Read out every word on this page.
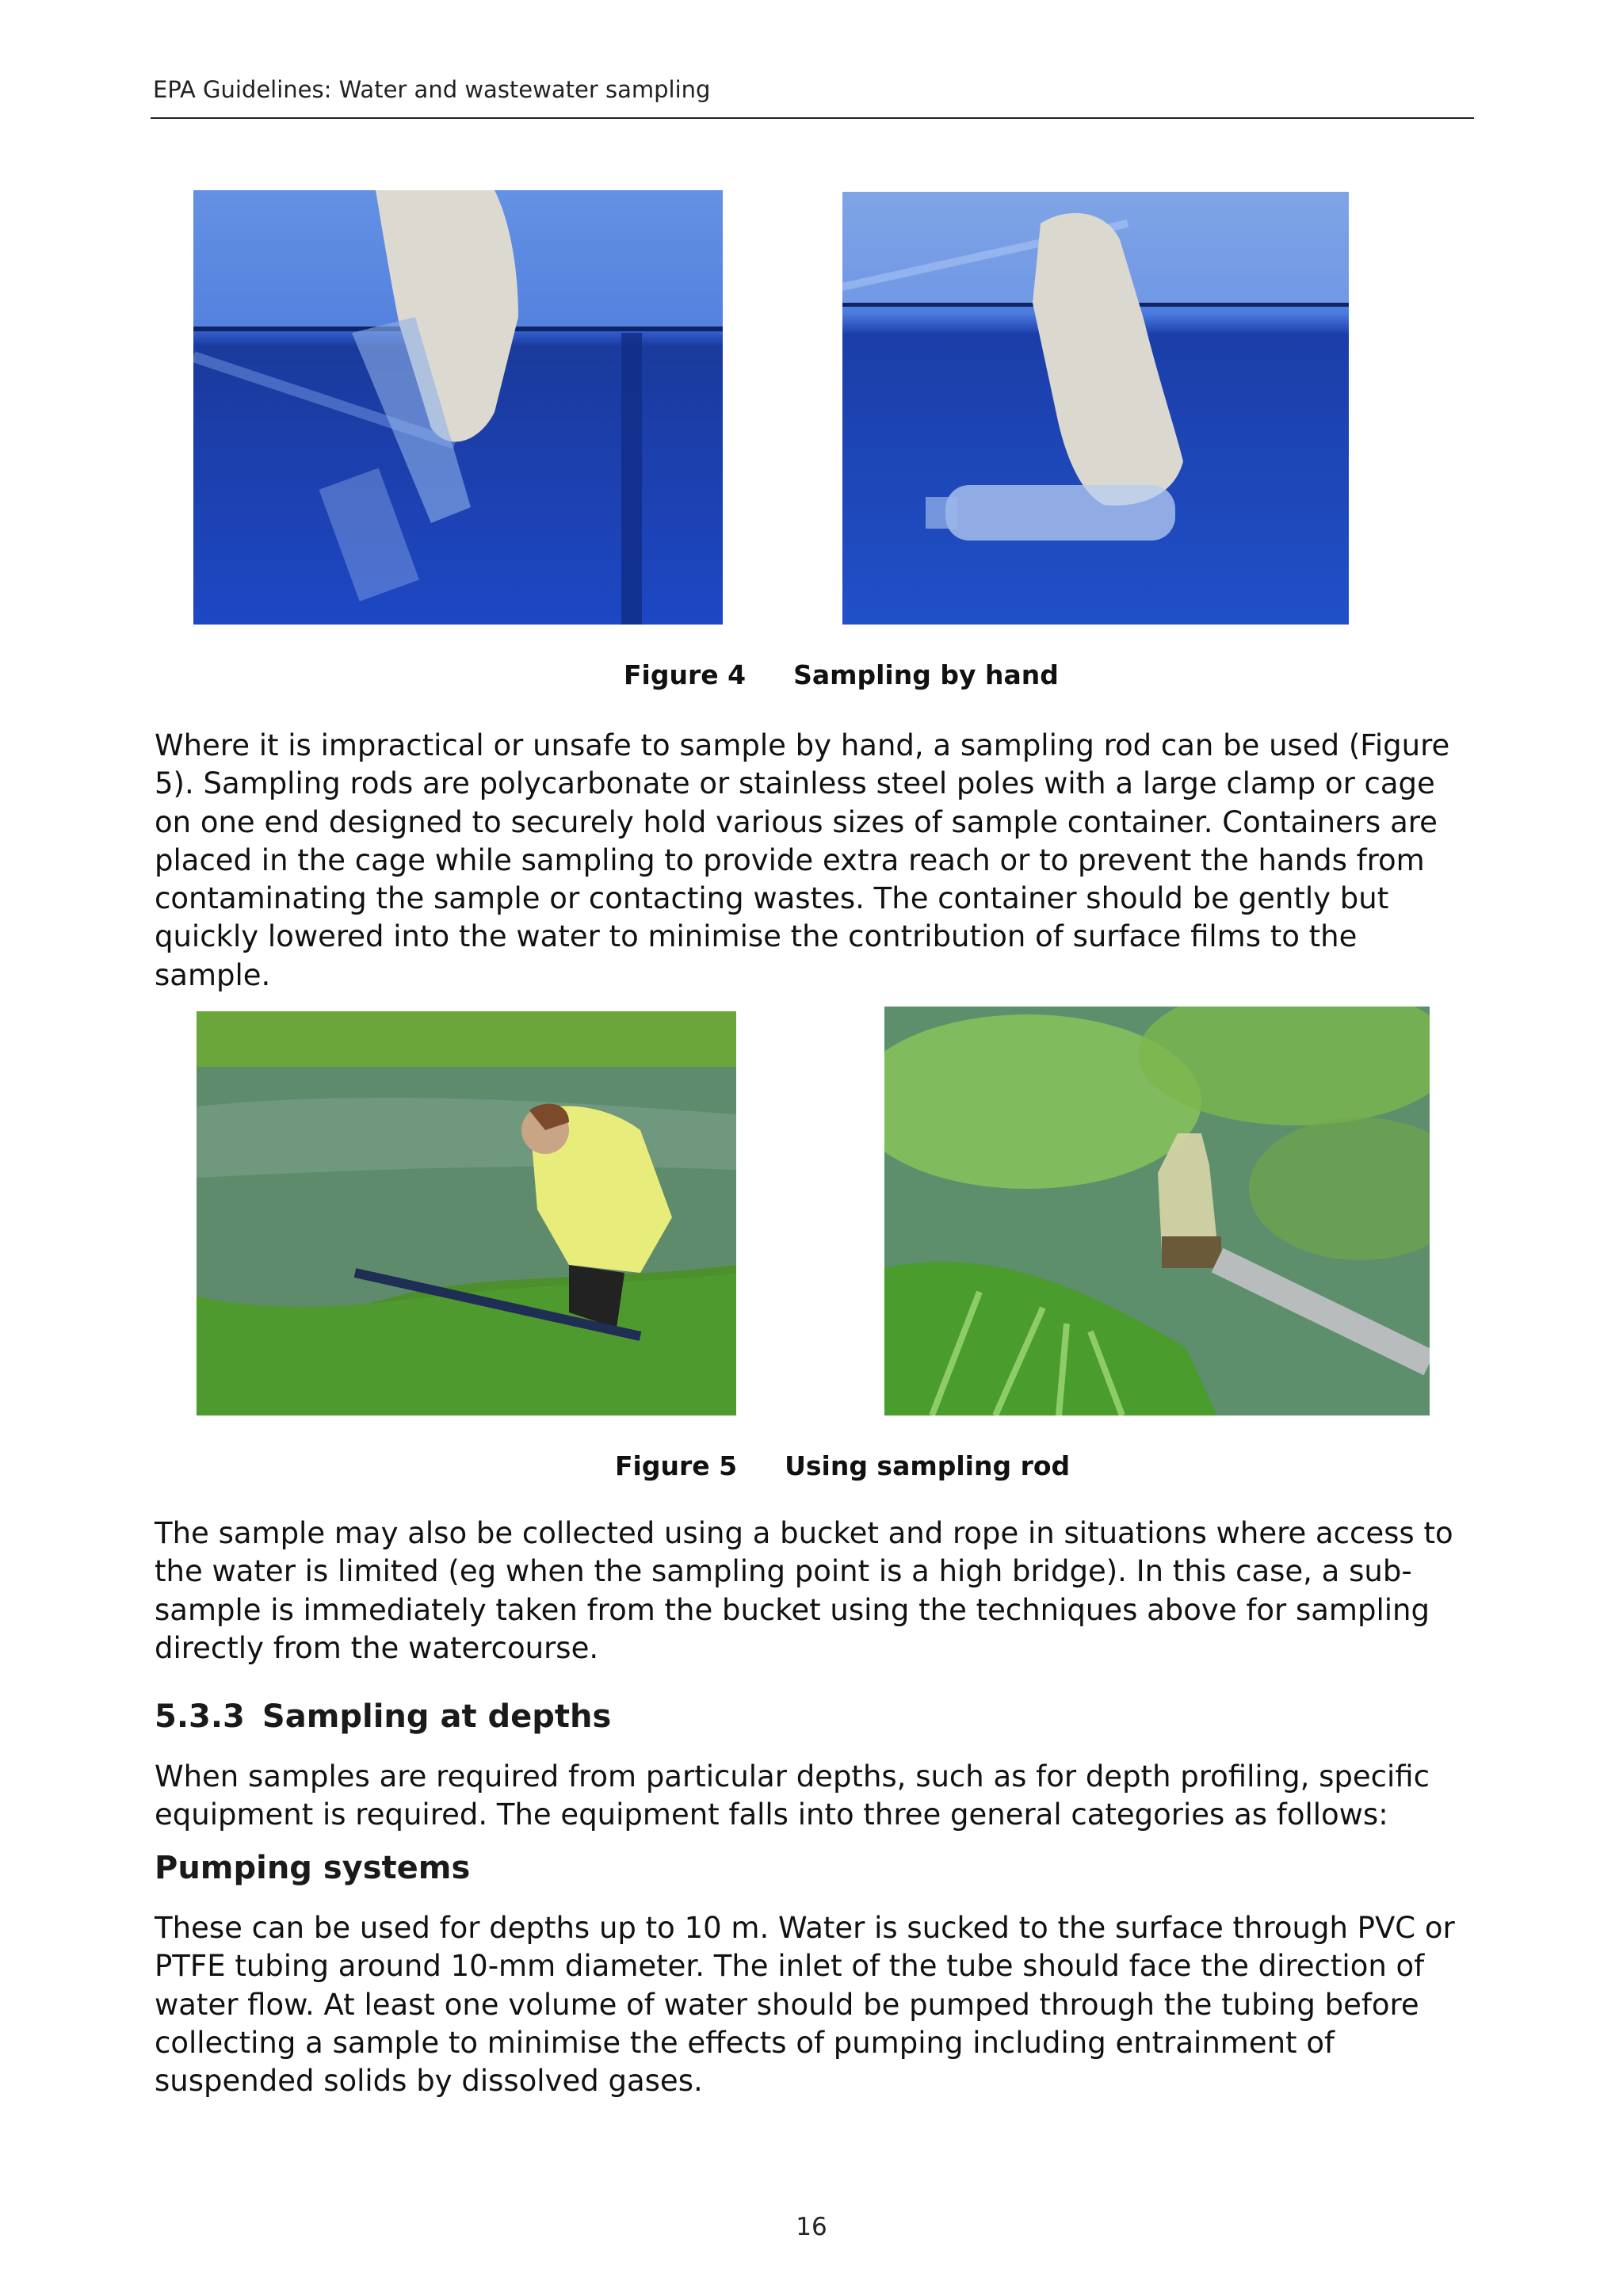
EPA Guidelines: Water and wastewater sampling
Figure 4 Sampling by hand
Where it is impractical or unsafe to sample by hand, a sampling rod can be used (Figure 5). Sampling rods are polycarbonate or stainless steel poles with a large clamp or cage on one end designed to securely hold various sizes of sample container. Containers are placed in the cage while sampling to provide extra reach or to prevent the hands from contaminating the sample or contacting wastes. The container should be gently but quickly lowered into the water to minimise the contribution of surface films to the sample.
Figure 5 Using sampling rod
The sample may also be collected using a bucket and rope in situations where access to the water is limited (eg when the sampling point is a high bridge). In this case, a sub-sample is immediately taken from the bucket using the techniques above for sampling directly from the watercourse.
5.3.3 Sampling at depths
When samples are required from particular depths, such as for depth profiling, specific equipment is required. The equipment falls into three general categories as follows:
Pumping systems
These can be used for depths up to 10 m. Water is sucked to the surface through PVC or PTFE tubing around 10-mm diameter. The inlet of the tube should face the direction of water flow. At least one volume of water should be pumped through the tubing before collecting a sample to minimise the effects of pumping including entrainment of suspended solids by dissolved gases.
16
